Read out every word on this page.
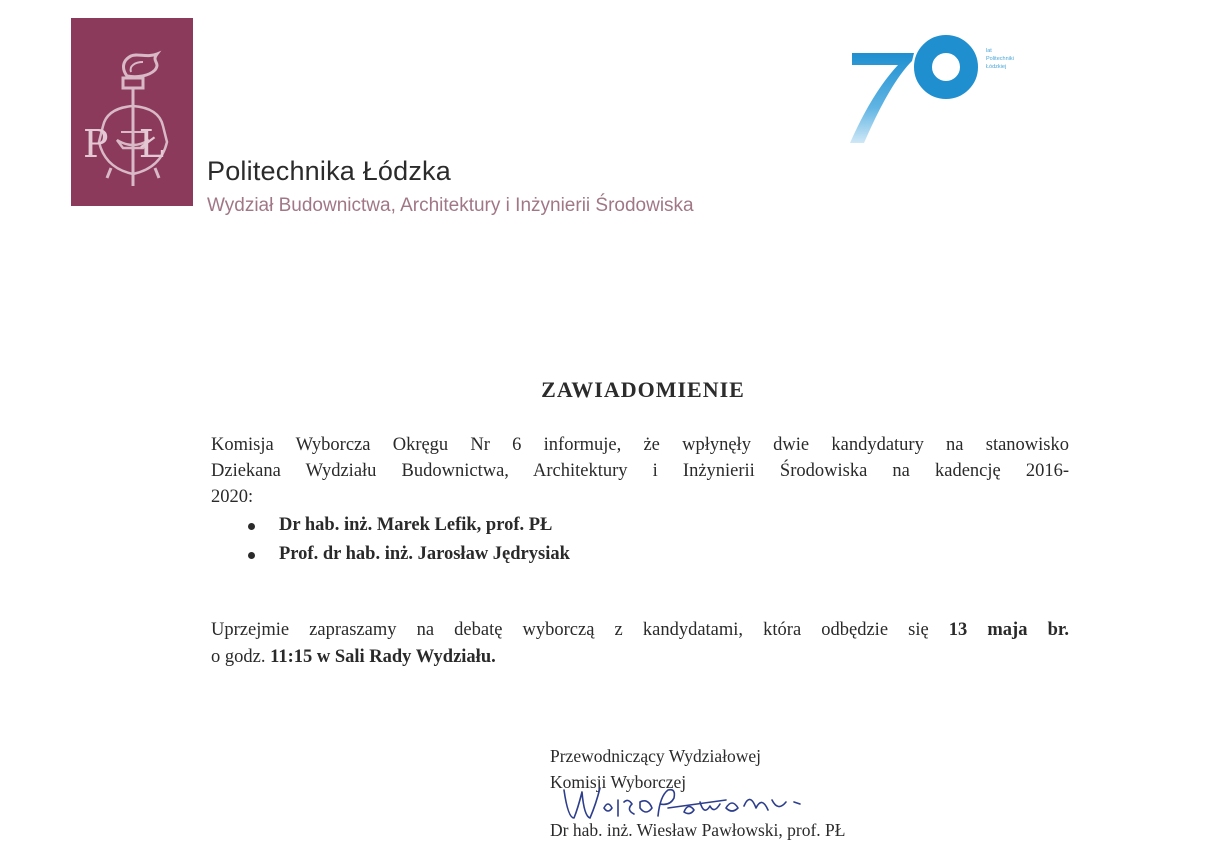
PŁ
Politechnika Łódzka
Wydział Budownictwa, Architektury i Inżynierii Środowiska
lat
Politechniki
Łódzkiej
ZAWIADOMIENIE
Komisja Wyborcza Okręgu Nr 6 informuje, że wpłynęły dwie kandydatury na stanowisko
Dziekana Wydziału Budownictwa, Architektury i Inżynierii Środowiska na kadencję 2016-
2020:
Dr hab. inż. Marek Lefik, prof. PŁ
Prof. dr hab. inż. Jarosław Jędrysiak
Uprzejmie zapraszamy na debatę wyborczą z kandydatami, która odbędzie się 13 maja br.
o godz. 11:15 w Sali Rady Wydziału.
Przewodniczący Wydziałowej
Komisji Wyborczej
Dr hab. inż. Wiesław Pawłowski, prof. PŁ
